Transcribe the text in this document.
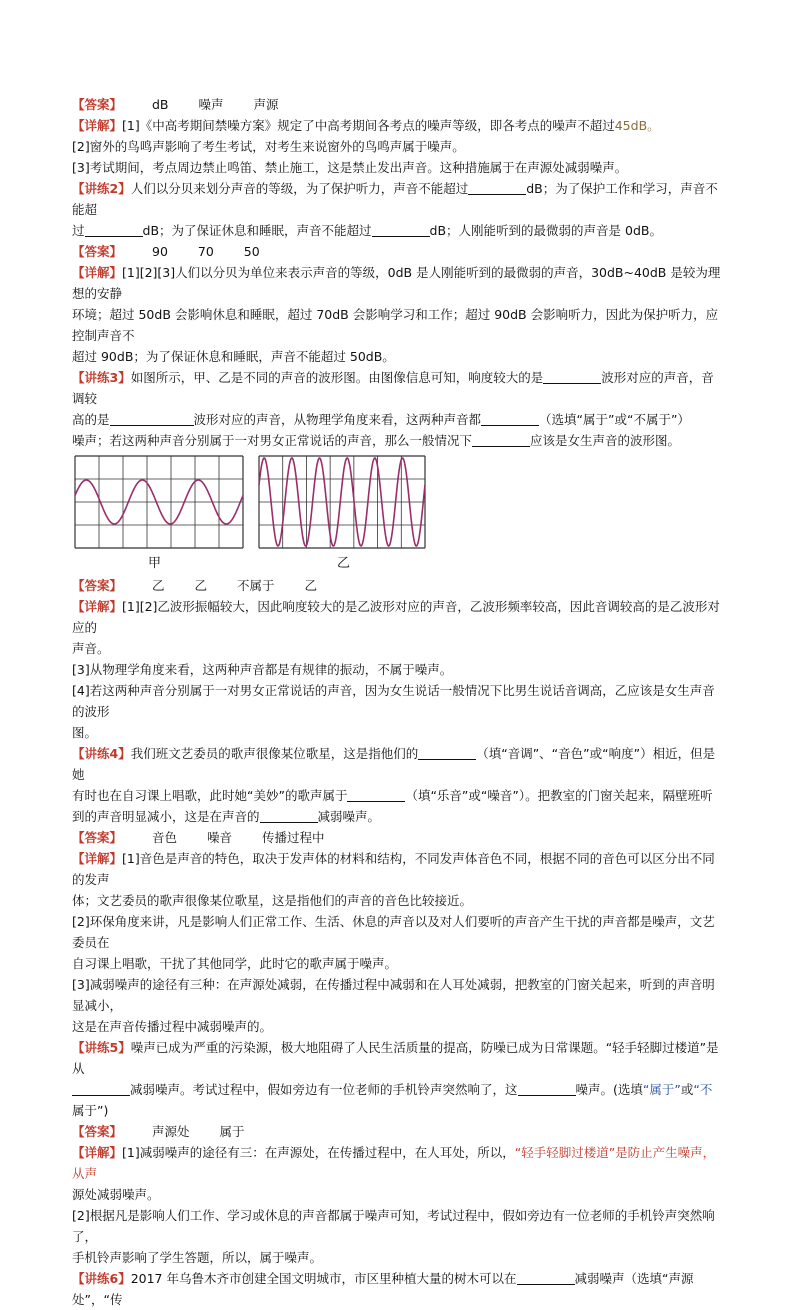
【答案】 dB 噪声 声源

【详解】[1]《中高考期间禁噪方案》规定了中高考期间各考点的噪声等级，即各考点的噪声不超过45dB。

[2]窗外的鸟鸣声影响了考生考试，对考生来说窗外的鸟鸣声属于噪声。

[3]考试期间，考点周边禁止鸣笛、禁止施工，这是禁止发出声音。这种措施属于在声源处减弱噪声。

【讲练2】人们以分贝来划分声音的等级，为了保护听力，声音不能超过	dB；为了保护工作和学习，声音不能超

过	dB；为了保证休息和睡眠，声音不能超过	dB；人刚能听到的最微弱的声音是 0dB。

【答案】 90 70 50

【详解】[1][2][3]人们以分贝为单位来表示声音的等级，0dB 是人刚能听到的最微弱的声音，30dB~40dB 是较为理想的安静

环境；超过 50dB 会影响休息和睡眠，超过 70dB 会影响学习和工作；超过 90dB 会影响听力，因此为保护听力，应控制声音不

超过 90dB；为了保证休息和睡眠，声音不能超过 50dB。

【讲练3】如图所示，甲、乙是不同的声音的波形图。由图像信息可知，响度较大的是	波形对应的声音，音调较

高的是	波形对应的声音，从物理学角度来看，这两种声音都	（选填“属于”或“不属于”）

噪声；若这两种声音分别属于一对男女正常说话的声音，那么一般情况下	应该是女生声音的波形图。

甲	乙

【答案】 乙 乙 不属于 乙

【详解】[1][2]乙波形振幅较大，因此响度较大的是乙波形对应的声音，乙波形频率较高，因此音调较高的是乙波形对应的

声音。

[3]从物理学角度来看，这两种声音都是有规律的振动，不属于噪声。

[4]若这两种声音分别属于一对男女正常说话的声音，因为女生说话一般情况下比男生说话音调高，乙应该是女生声音的波形

图。

【讲练4】我们班文艺委员的歌声很像某位歌星，这是指他们的	（填“音调”、“音色”或“响度”）相近，但是她

有时也在自习课上唱歌，此时她“美妙”的歌声属于	（填“乐音”或“噪音”）。把教室的门窗关起来，隔壁班听

到的声音明显减小，这是在声音的	减弱噪声。

【答案】 音色 噪音 传播过程中

【详解】[1]音色是声音的特色，取决于发声体的材料和结构，不同发声体音色不同，根据不同的音色可以区分出不同的发声

体；文艺委员的歌声很像某位歌星，这是指他们的声音的音色比较接近。

[2]环保角度来讲，凡是影响人们正常工作、生活、休息的声音以及对人们要听的声音产生干扰的声音都是噪声，文艺委员在

自习课上唱歌，干扰了其他同学，此时它的歌声属于噪声。

[3]减弱噪声的途径有三种：在声源处减弱，在传播过程中减弱和在人耳处减弱，把教室的门窗关起来，听到的声音明显减小，

这是在声音传播过程中减弱噪声的。

【讲练5】噪声已成为严重的污染源，极大地阻碍了人民生活质量的提高，防噪已成为日常课题。“轻手轻脚过楼道”是从

减弱噪声。考试过程中，假如旁边有一位老师的手机铃声突然响了，这	噪声。(选填“属于”或“不

属于”)

【答案】 声源处 属于

【详解】[1]减弱噪声的途径有三：在声源处，在传播过程中，在人耳处，所以，“轻手轻脚过楼道”是防止产生噪声，从声

源处减弱噪声。

[2]根据凡是影响人们工作、学习或休息的声音都属于噪声可知，考试过程中，假如旁边有一位老师的手机铃声突然响了，

手机铃声影响了学生答题，所以，属于噪声。

【讲练6】2017 年乌鲁木齐市创建全国文明城市，市区里种植大量的树木可以在	减弱噪声（选填“声源处”，“传
